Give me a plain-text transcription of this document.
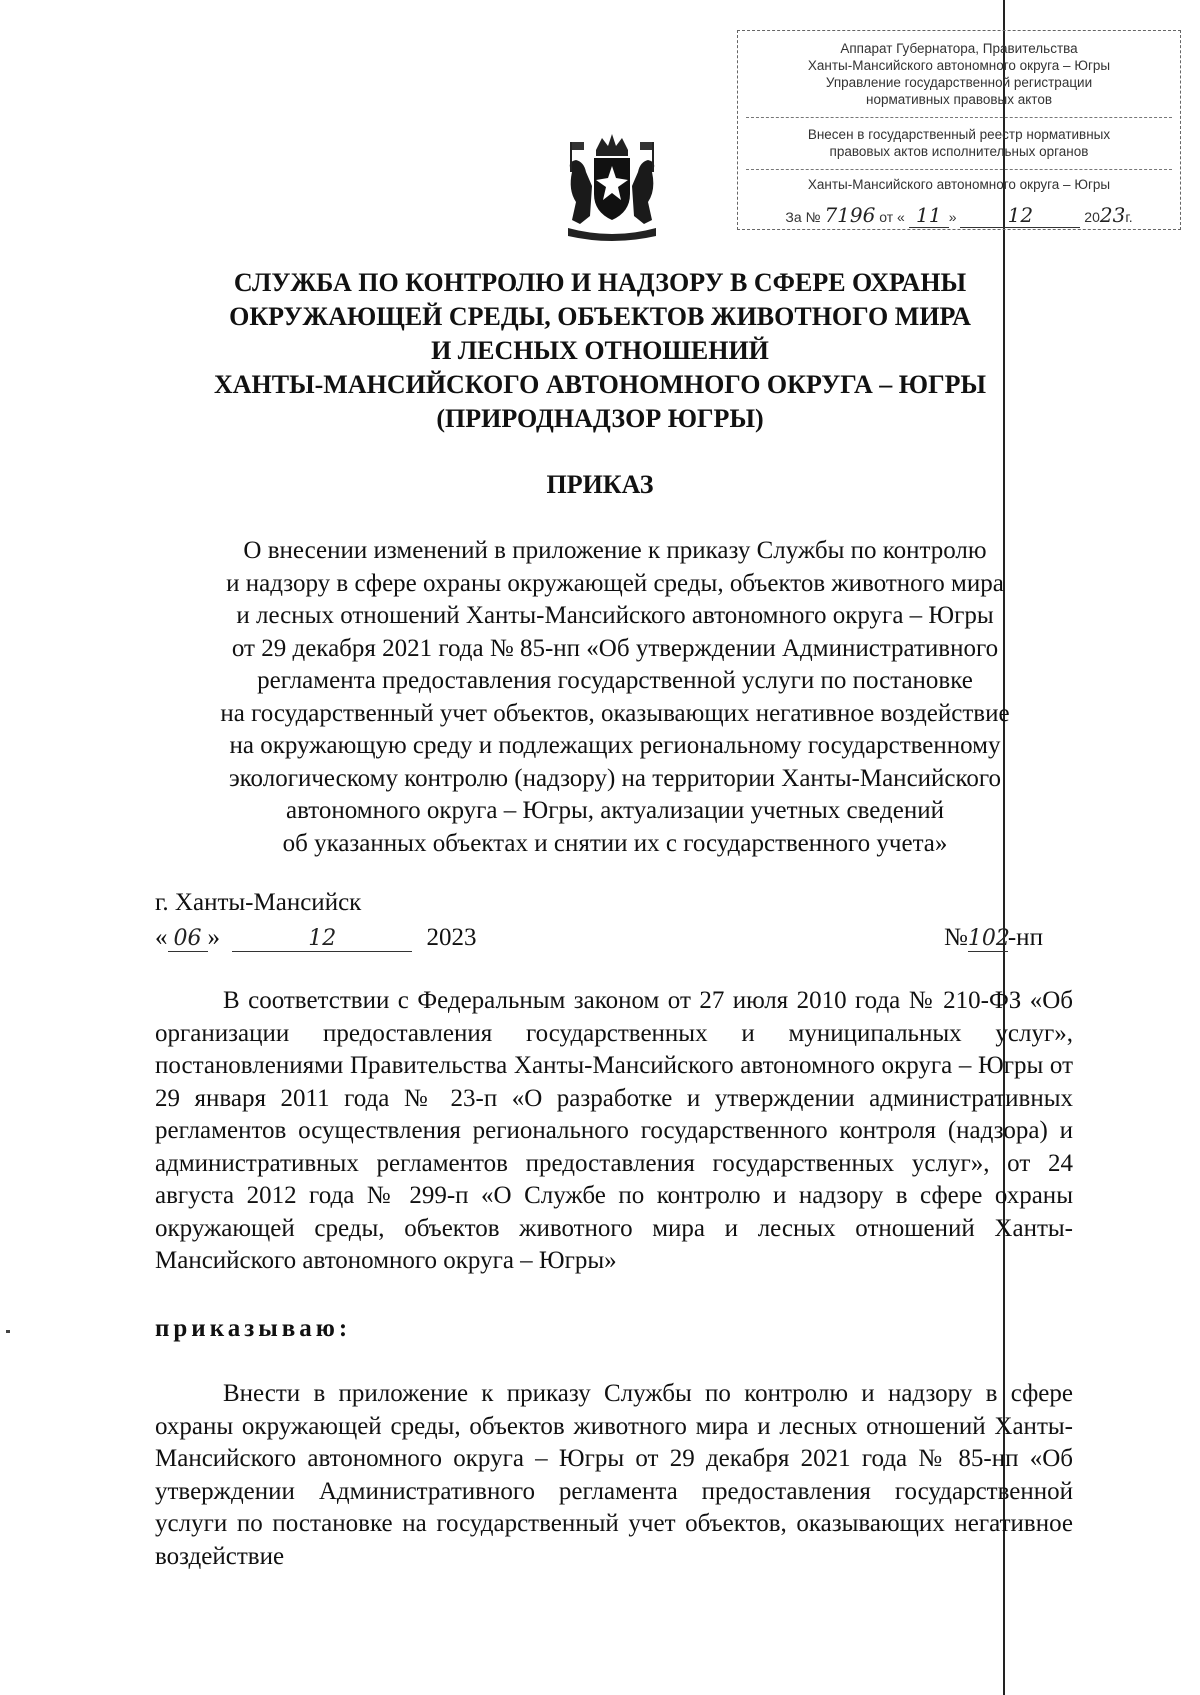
Аппарат Губернатора, Правительства
Ханты-Мансийского автономного округа – Югры
Управление государственной регистрации
нормативных правовых актов
Внесен в государственный реестр нормативных
правовых актов исполнительных органов
Ханты-Мансийского автономного округа – Югры
За № 7196 от « 11 »	12	2023г.
СЛУЖБА ПО КОНТРОЛЮ И НАДЗОРУ В СФЕРЕ ОХРАНЫ
ОКРУЖАЮЩЕЙ СРЕДЫ, ОБЪЕКТОВ ЖИВОТНОГО МИРА
И ЛЕСНЫХ ОТНОШЕНИЙ
ХАНТЫ-МАНСИЙСКОГО АВТОНОМНОГО ОКРУГА – ЮГРЫ
(ПРИРОДНАДЗОР ЮГРЫ)
ПРИКАЗ
О внесении изменений в приложение к приказу Службы по контролю
и надзору в сфере охраны окружающей среды, объектов животного мира
и лесных отношений Ханты-Мансийского автономного округа – Югры
от 29 декабря 2021 года № 85-нп «Об утверждении Административного
регламента предоставления государственной услуги по постановке
на государственный учет объектов, оказывающих негативное воздействие
на окружающую среду и подлежащих региональному государственному
экологическому контролю (надзору) на территории Ханты-Мансийского
автономного округа – Югры, актуализации учетных сведений
об указанных объектах и снятии их с государственного учета»
г. Ханты-Мансийск
« 06 »	12	2023	№102-нп
В соответствии с Федеральным законом от 27 июля 2010 года № 210-ФЗ «Об организации предоставления государственных и муниципальных услуг», постановлениями Правительства Ханты-Мансийского автономного округа – Югры от 29 января 2011 года № 23-п «О разработке и утверждении административных регламентов осуществления регионального государственного контроля (надзора) и административных регламентов предоставления государственных услуг», от 24 августа 2012 года № 299-п «О Службе по контролю и надзору в сфере охраны окружающей среды, объектов животного мира и лесных отношений Ханты-Мансийского автономного округа – Югры»
приказываю:
Внести в приложение к приказу Службы по контролю и надзору в сфере охраны окружающей среды, объектов животного мира и лесных отношений Ханты-Мансийского автономного округа – Югры от 29 декабря 2021 года № 85-нп «Об утверждении Административного регламента предоставления государственной услуги по постановке на государственный учет объектов, оказывающих негативное воздействие
